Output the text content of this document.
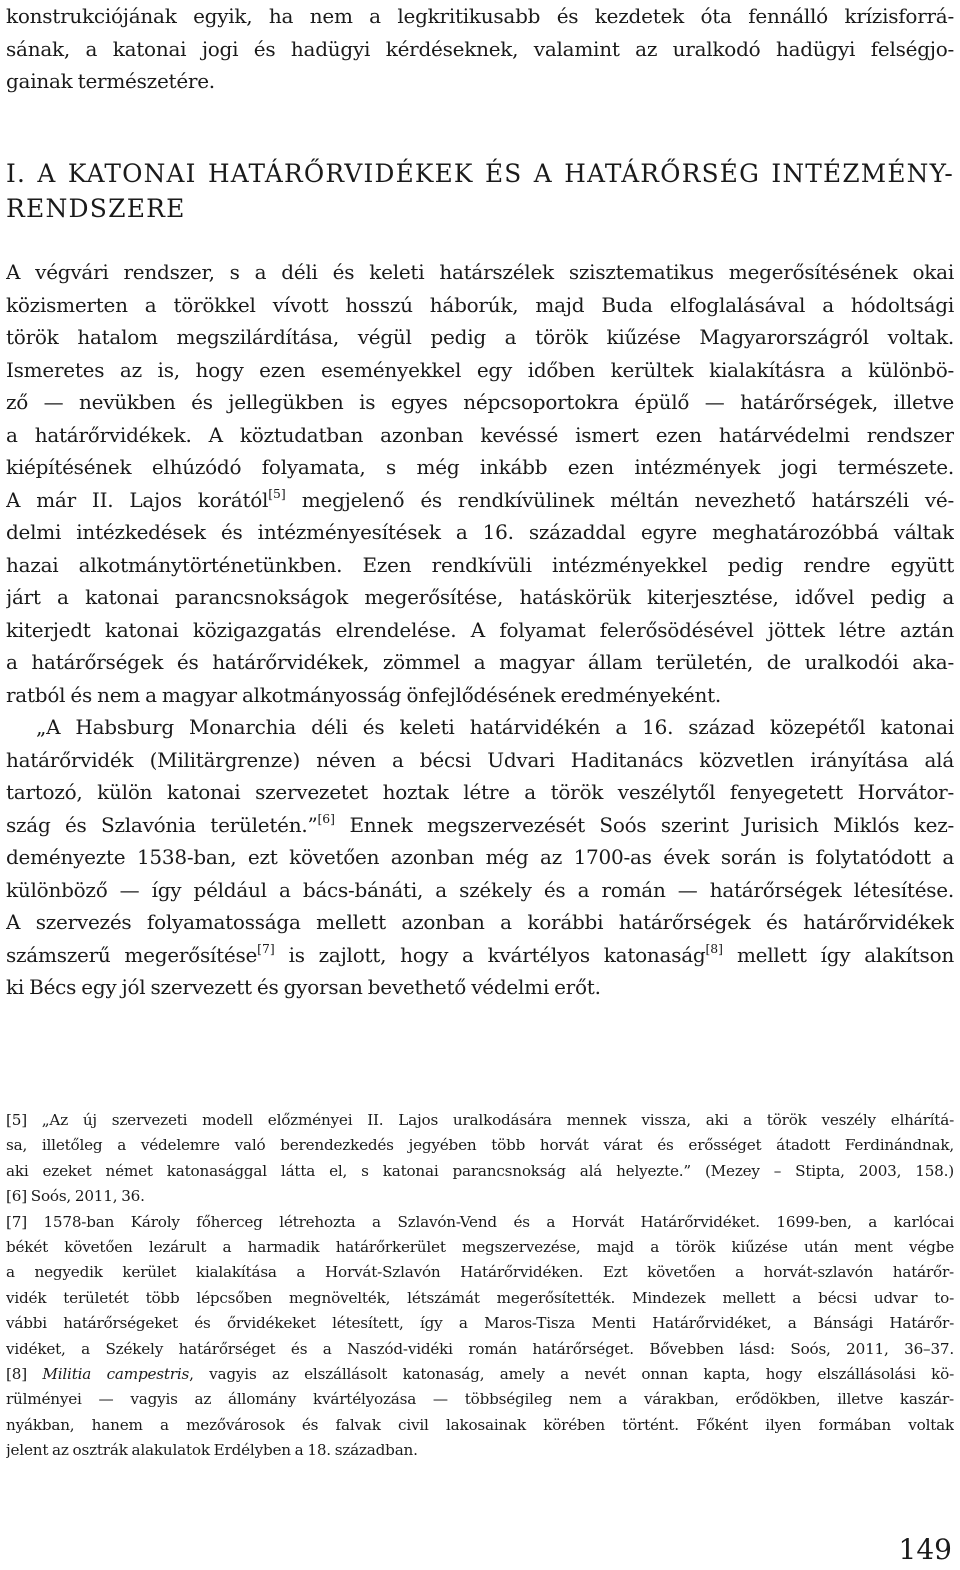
konstrukciójának egyik, ha nem a legkritikusabb és kezdetek óta fennálló krízisforrá-
sának, a katonai jogi és hadügyi kérdéseknek, valamint az uralkodó hadügyi felségjo-
gainak természetére.
I. A KATONAI HATÁRŐRVIDÉKEK ÉS A HATÁRŐRSÉG INTÉZMÉNY-
RENDSZERE
A végvári rendszer, s a déli és keleti határszélek szisztematikus megerősítésének okai
közismerten a törökkel vívott hosszú háborúk, majd Buda elfoglalásával a hódoltsági
török hatalom megszilárdítása, végül pedig a török kiűzése Magyarországról voltak.
Ismeretes az is, hogy ezen eseményekkel egy időben kerültek kialakításra a különbö-
ző — nevükben és jellegükben is egyes népcsoportokra épülő — határőrségek, illetve
a határőrvidékek. A köztudatban azonban kevéssé ismert ezen határvédelmi rendszer
kiépítésének elhúzódó folyamata, s még inkább ezen intézmények jogi természete.
A már II. Lajos korától[5] megjelenő és rendkívülinek méltán nevezhető határszéli vé-
delmi intézkedések és intézményesítések a 16. századdal egyre meghatározóbbá váltak
hazai alkotmánytörténetünkben. Ezen rendkívüli intézményekkel pedig rendre együtt
járt a katonai parancsnokságok megerősítése, hatáskörük kiterjesztése, idővel pedig a
kiterjedt katonai közigazgatás elrendelése. A folyamat felerősödésével jöttek létre aztán
a határőrségek és határőrvidékek, zömmel a magyar állam területén, de uralkodói aka-
ratból és nem a magyar alkotmányosság önfejlődésének eredményeként.
„A Habsburg Monarchia déli és keleti határvidékén a 16. század közepétől katonai
határőrvidék (Militärgrenze) néven a bécsi Udvari Haditanács közvetlen irányítása alá
tartozó, külön katonai szervezetet hoztak létre a török veszélytől fenyegetett Horvátor-
szág és Szlavónia területén.”[6] Ennek megszervezését Soós szerint Jurisich Miklós kez-
deményezte 1538-ban, ezt követően azonban még az 1700-as évek során is folytatódott a
különböző — így például a bács-bánáti, a székely és a román — határőrségek létesítése.
A szervezés folyamatossága mellett azonban a korábbi határőrségek és határőrvidékek
számszerű megerősítése[7] is zajlott, hogy a kvártélyos katonaság[8] mellett így alakítson
ki Bécs egy jól szervezett és gyorsan bevethető védelmi erőt.
[5] „Az új szervezeti modell előzményei II. Lajos uralkodására mennek vissza, aki a török veszély elhárítá-
sa, illetőleg a védelemre való berendezkedés jegyében több horvát várat és erősséget átadott Ferdinándnak,
aki ezeket német katonasággal látta el, s katonai parancsnokság alá helyezte.” (Mezey – Stipta, 2003, 158.)
[6] Soós, 2011, 36.
[7] 1578-ban Károly főherceg létrehozta a Szlavón-Vend és a Horvát Határőrvidéket. 1699-ben, a karlócai
békét követően lezárult a harmadik határőrkerület megszervezése, majd a török kiűzése után ment végbe
a negyedik kerület kialakítása a Horvát-Szlavón Határőrvidéken. Ezt követően a horvát-szlavón határőr-
vidék területét több lépcsőben megnövelték, létszámát megerősítették. Mindezek mellett a bécsi udvar to-
vábbi határőrségeket és őrvidékeket létesített, így a Maros-Tisza Menti Határőrvidéket, a Bánsági Határőr-
vidéket, a Székely határőrséget és a Naszód-vidéki román határőrséget. Bővebben lásd: Soós, 2011, 36–37.
[8] Militia campestris, vagyis az elszállásolt katonaság, amely a nevét onnan kapta, hogy elszállásolási kö-
rülményei — vagyis az állomány kvártélyozása — többségileg nem a várakban, erődökben, illetve kaszár-
nyákban, hanem a mezővárosok és falvak civil lakosainak körében történt. Főként ilyen formában voltak
jelent az osztrák alakulatok Erdélyben a 18. században.
149
